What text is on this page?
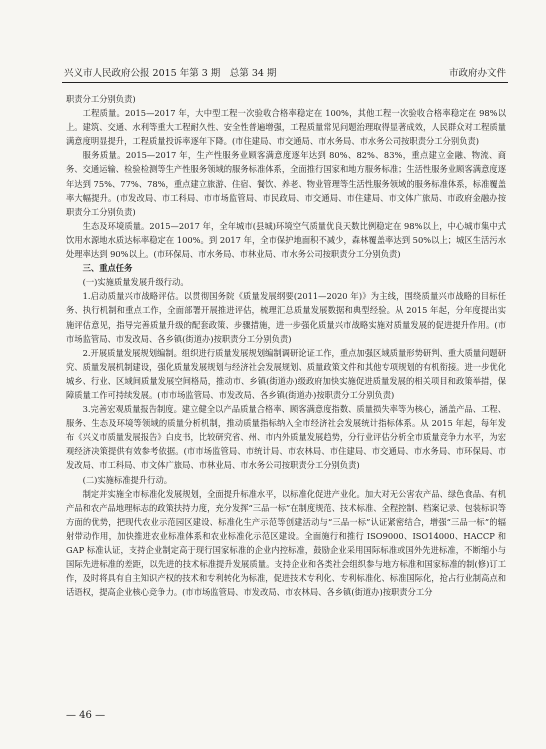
兴义市人民政府公报 2015 年第 3 期　总第 34 期	市政府办文件

职责分工分别负责)

工程质量。2015—2017 年，大中型工程一次验收合格率稳定在 100%，其他工程一次验收合格率稳定在 98%以上。建筑、交通、水利等重大工程耐久性、安全性普遍增强，工程质量常见问题治理取得显著成效，人民群众对工程质量满意度明显提升，工程质量投诉率逐年下降。(市住建局、市交通局、市水务局、市水务公司按职责分工分别负责)

服务质量。2015—2017 年，生产性服务业顾客满意度逐年达到 80%、82%、83%，重点建立金融、物流、商务、交通运输、检验检测等生产性服务领域的服务标准体系，全面推行国家和地方服务标准；生活性服务业顾客满意度逐年达到 75%、77%、78%，重点建立旅游、住宿、餐饮、养老、物业管理等生活性服务领域的服务标准体系，标准覆盖率大幅提升。(市发改局、市工科局、市市场监管局、市民政局、市交通局、市住建局、市文体广旅局、市政府金融办按职责分工分别负责)

生态及环境质量。2015—2017 年，全年城市(县城)环境空气质量优良天数比例稳定在 98%以上，中心城市集中式饮用水源地水质达标率稳定在 100%。到 2017 年，全市保护地面积不减少，森林覆盖率达到 50%以上；城区生活污水处理率达到 90%以上。(市环保局、市水务局、市林业局、市水务公司按职责分工分别负责)

三、重点任务

(一)实施质量发展升级行动。

1.启动质量兴市战略评估。以贯彻国务院《质量发展纲要(2011—2020 年)》为主线，围绕质量兴市战略的目标任务、执行机制和重点工作，全面部署开展推进评估，梳理汇总质量发展数据和典型经验。从 2015 年起，分年度提出实施评估意见，指导完善质量升级的配套政策、步骤措施，进一步强化质量兴市战略实施对质量发展的促进提升作用。(市市场监管局、市发改局、各乡镇(街道办)按职责分工分别负责)

2.开展质量发展规划编制。组织进行质量发展规划编制调研论证工作，重点加强区域质量形势研判、重大质量问题研究、质量发展机制建设，强化质量发展规划与经济社会发展规划、质量政策文件和其他专项规划的有机衔接。进一步优化城乡、行业、区域间质量发展空间格局，推动市、乡镇(街道办)级政府加快实施促进质量发展的相关项目和政策举措，保障质量工作可持续发展。(市市场监管局、市发改局、各乡镇(街道办)按职责分工分别负责)

3.完善宏观质量报告制度。建立健全以产品质量合格率、顾客满意度指数、质量损失率等为核心，涵盖产品、工程、服务、生态及环境等领域的质量分析机制，推动质量指标纳入全市经济社会发展统计指标体系。从 2015 年起，每年发布《兴义市质量发展报告》白皮书，比较研究省、州、市内外质量发展趋势，分行业评估分析全市质量竞争力水平，为宏观经济决策提供有效参考依据。(市市场监管局、市统计局、市农林局、市住建局、市交通局、市水务局、市环保局、市发改局、市工科局、市文体广旅局、市林业局、市水务公司按职责分工分别负责)

(二)实施标准提升行动。

制定并实施全市标准化发展规划，全面提升标准水平，以标准化促进产业化。加大对无公害农产品、绿色食品、有机产品和农产品地理标志的政策扶持力度，充分发挥“三品一标”在制度规范、技术标准、全程控制、档案记录、包装标识等方面的优势，把现代农业示范园区建设、标准化生产示范等创建活动与“三品一标”认证紧密结合，增强“三品一标”的辐射带动作用，加快推进农业标准体系和农业标准化示范区建设。全面施行和推行 ISO9000、ISO14000、HACCP 和 GAP 标准认证，支持企业制定高于现行国家标准的企业内控标准，鼓励企业采用国际标准或国外先进标准，不断缩小与国际先进标准的差距，以先进的技术标准提升发展质量。支持企业和各类社会组织参与地方标准和国家标准的制(修)订工作，及时将具有自主知识产权的技术和专利转化为标准，促进技术专利化、专利标准化、标准国际化，抢占行业制高点和话语权，提高企业核心竞争力。(市市场监管局、市发改局、市农林局、各乡镇(街道办)按职责分工分

— 46 —
